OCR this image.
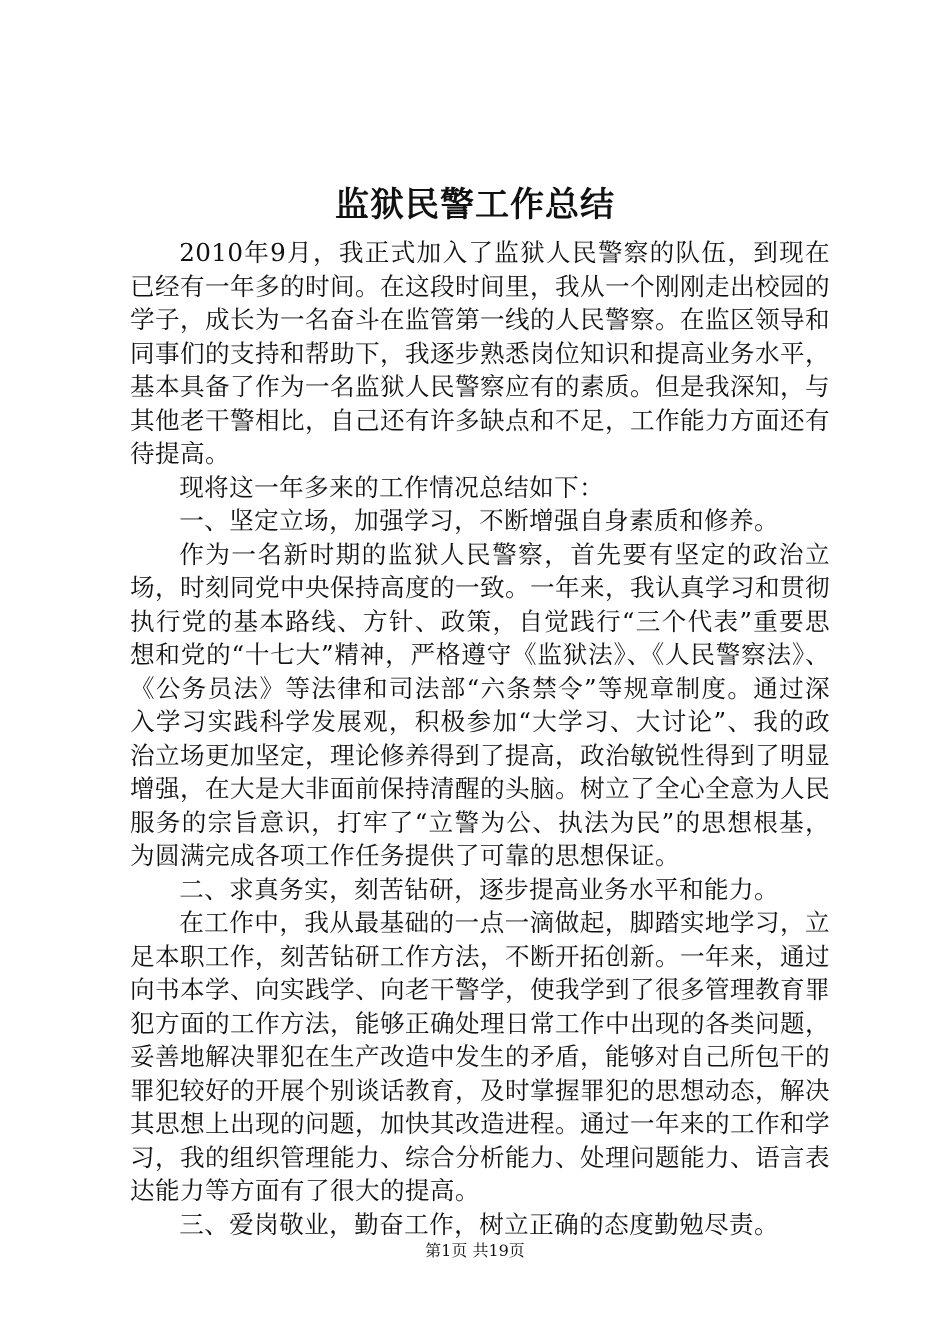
监狱民警工作总结

2010年9月，我正式加入了监狱人民警察的队伍，到现在已经有一年多的时间。在这段时间里，我从一个刚刚走出校园的学子，成长为一名奋斗在监管第一线的人民警察。在监区领导和同事们的支持和帮助下，我逐步熟悉岗位知识和提高业务水平，基本具备了作为一名监狱人民警察应有的素质。但是我深知，与其他老干警相比，自己还有许多缺点和不足，工作能力方面还有待提高。

现将这一年多来的工作情况总结如下：

一、坚定立场，加强学习，不断增强自身素质和修养。

作为一名新时期的监狱人民警察，首先要有坚定的政治立场，时刻同党中央保持高度的一致。一年来，我认真学习和贯彻执行党的基本路线、方针、政策，自觉践行“三个代表”重要思想和党的“十七大”精神，严格遵守《监狱法》、《人民警察法》、《公务员法》等法律和司法部“六条禁令”等规章制度。通过深入学习实践科学发展观，积极参加“大学习、大讨论”、我的政治立场更加坚定，理论修养得到了提高，政治敏锐性得到了明显增强，在大是大非面前保持清醒的头脑。树立了全心全意为人民服务的宗旨意识，打牢了“立警为公、执法为民”的思想根基，为圆满完成各项工作任务提供了可靠的思想保证。

二、求真务实，刻苦钻研，逐步提高业务水平和能力。

在工作中，我从最基础的一点一滴做起，脚踏实地学习，立足本职工作，刻苦钻研工作方法，不断开拓创新。一年来，通过向书本学、向实践学、向老干警学，使我学到了很多管理教育罪犯方面的工作方法，能够正确处理日常工作中出现的各类问题，妥善地解决罪犯在生产改造中发生的矛盾，能够对自己所包干的罪犯较好的开展个别谈话教育，及时掌握罪犯的思想动态，解决其思想上出现的问题，加快其改造进程。通过一年来的工作和学习，我的组织管理能力、综合分析能力、处理问题能力、语言表达能力等方面有了很大的提高。

三、爱岗敬业，勤奋工作，树立正确的态度勤勉尽责。

第1页 共19页
